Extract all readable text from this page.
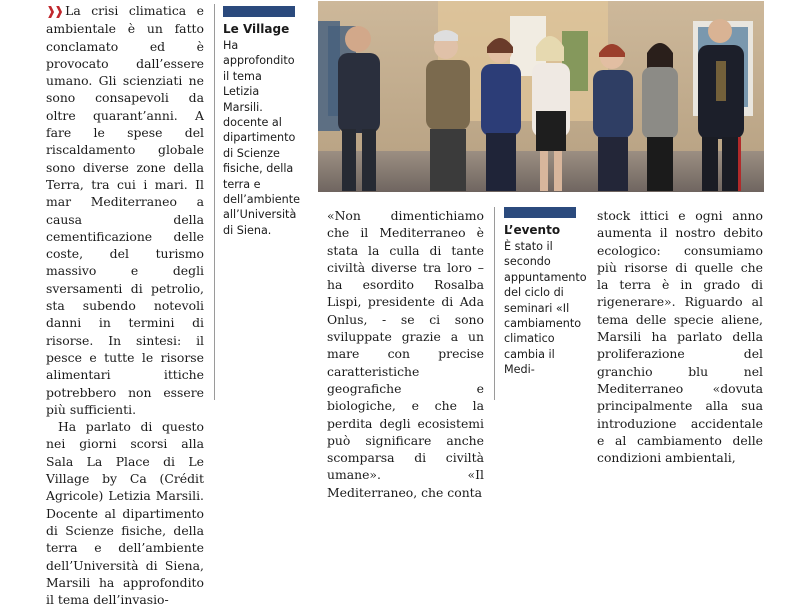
❱❱ La crisi climatica e ambientale è un fatto conclamato ed è provocato dall’essere umano. Gli scienziati ne sono consapevoli da oltre quarant’anni. A fare le spese del riscaldamento globale sono diverse zone della Terra, tra cui i mari. Il mar Mediterraneo a causa della cementificazione delle coste, del turismo massivo e degli sversamenti di petrolio, sta subendo notevoli danni in termini di risorse. In sintesi: il pesce e tutte le risorse alimentari ittiche potrebbero non essere più sufficienti.

Ha parlato di questo nei giorni scorsi alla Sala La Place di Le Village by Ca (Crédit Agricole) Letizia Marsili. Docente al dipartimento di Scienze fisiche, della terra e dell’ambiente dell’Università di Siena, Marsili ha approfondito il tema dell’invasio-

Le Village
Ha approfondito il tema Letizia Marsili. docente al dipartimento di Scienze fisiche, della terra e dell’ambiente all’Università di Siena.

«Non dimentichiamo che il Mediterraneo è stata la culla di tante civiltà diverse tra loro – ha esordito Rosalba Lispi, presidente di Ada Onlus, - se ci sono sviluppate grazie a un mare con precise caratteristiche geografiche e biologiche, e che la perdita degli ecosistemi può significare anche scomparsa di civiltà umane». «Il Mediterraneo, che conta

L’evento
È stato il secondo appuntamento del ciclo di seminari «Il cambiamento climatico cambia il Medi-

stock ittici e ogni anno aumenta il nostro debito ecologico: consumiamo più risorse di quelle che la terra è in grado di rigenerare». Riguardo al tema delle specie aliene, Marsili ha parlato della proliferazione del granchio blu nel Mediterraneo «dovuta principalmente alla sua introduzione accidentale e al cambiamento delle condizioni ambientali,
